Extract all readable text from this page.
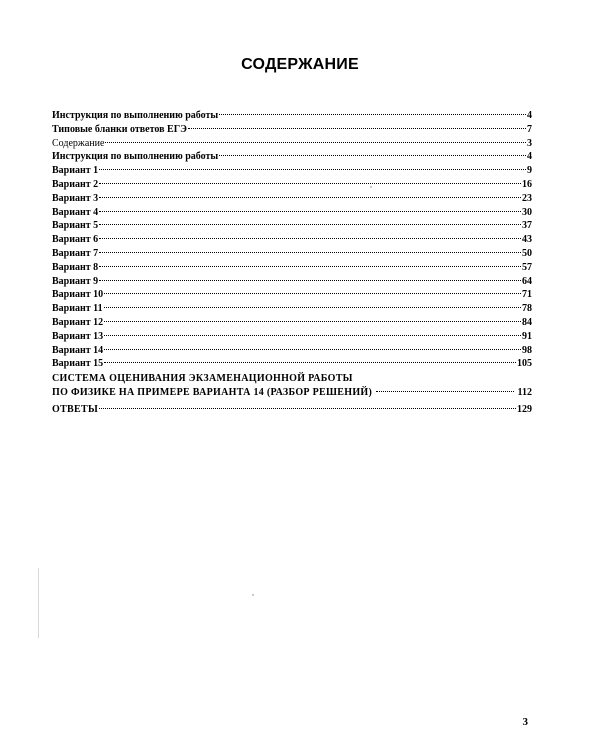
СОДЕРЖАНИЕ
Инструкция по выполнению работы	4
Типовые бланки ответов ЕГЭ	7
Содержание	3
Инструкция по выполнению работы	4
Вариант 1	9
Вариант 2	16
Вариант 3	23
Вариант 4	30
Вариант 5	37
Вариант 6	43
Вариант 7	50
Вариант 8	57
Вариант 9	64
Вариант 10	71
Вариант 11	78
Вариант 12	84
Вариант 13	91
Вариант 14	98
Вариант 15	105
СИСТЕМА ОЦЕНИВАНИЯ ЭКЗАМЕНАЦИОННОЙ РАБОТЫ
ПО ФИЗИКЕ НА ПРИМЕРЕ ВАРИАНТА 14 (РАЗБОР РЕШЕНИЙ)	112
ОТВЕТЫ	129
3
